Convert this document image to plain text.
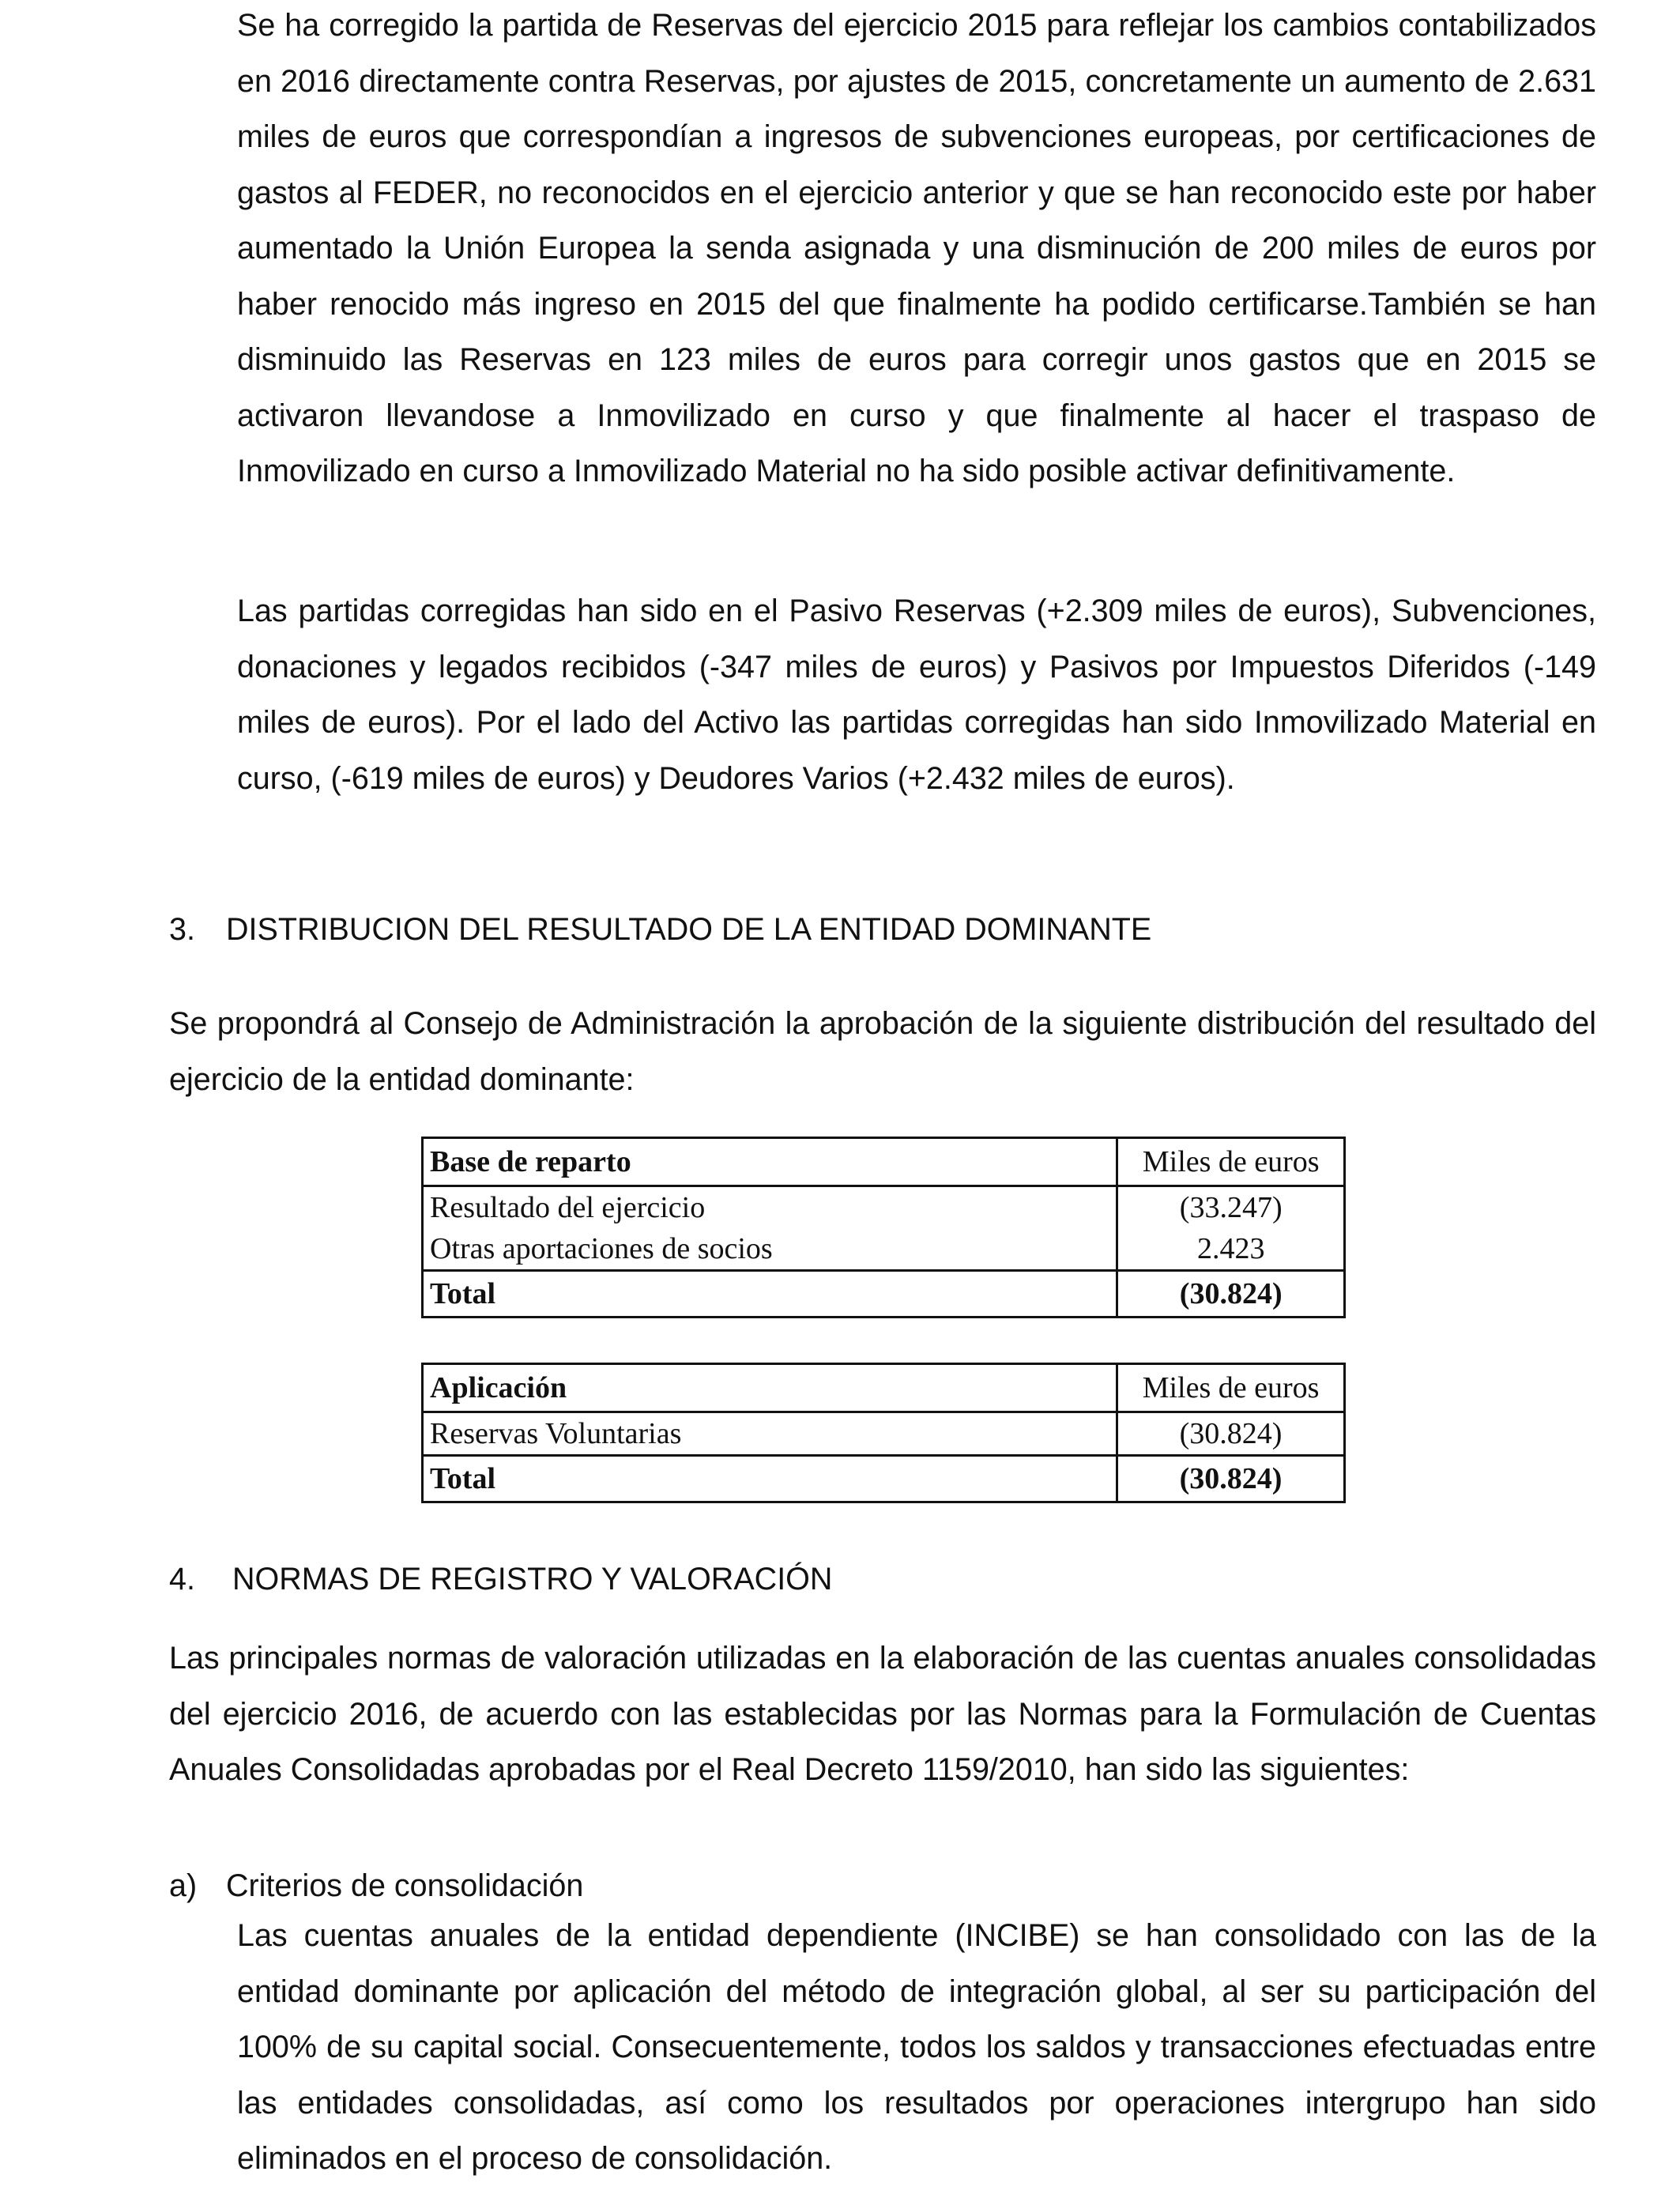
Se ha corregido la partida de Reservas del ejercicio 2015 para reflejar los cambios contabilizados en 2016 directamente contra Reservas, por ajustes de 2015, concretamente un aumento de 2.631 miles de euros que correspondían a ingresos de subvenciones europeas, por certificaciones de gastos al FEDER, no reconocidos en el ejercicio anterior y que se han reconocido este por haber aumentado la Unión Europea la senda asignada y una disminución de 200 miles de euros por haber renocido más ingreso en 2015 del que finalmente ha podido certificarse.También se han disminuido las Reservas en 123 miles de euros para corregir unos gastos que en 2015 se activaron llevandose a Inmovilizado en curso y que finalmente al hacer el traspaso de Inmovilizado en curso a Inmovilizado Material no ha sido posible activar definitivamente.

Las partidas corregidas han sido en el Pasivo Reservas (+2.309 miles de euros), Subvenciones, donaciones y legados recibidos (-347 miles de euros) y Pasivos por Impuestos Diferidos (-149 miles de euros). Por el lado del Activo las partidas corregidas han sido Inmovilizado Material en curso, (-619 miles de euros) y Deudores Varios (+2.432 miles de euros).

3. DISTRIBUCION DEL RESULTADO DE LA ENTIDAD DOMINANTE

Se propondrá al Consejo de Administración la aprobación de la siguiente distribución del resultado del ejercicio de la entidad dominante:

Base de reparto	Miles de euros
Resultado del ejercicio	(33.247)
Otras aportaciones de socios	2.423
Total	(30.824)
Aplicación	Miles de euros
Reservas Voluntarias	(30.824)
Total	(30.824)
4. NORMAS DE REGISTRO Y VALORACIÓN

Las principales normas de valoración utilizadas en la elaboración de las cuentas anuales consolidadas del ejercicio 2016, de acuerdo con las establecidas por las Normas para la Formulación de Cuentas Anuales Consolidadas aprobadas por el Real Decreto 1159/2010, han sido las siguientes:

a) Criterios de consolidación

Las cuentas anuales de la entidad dependiente (INCIBE) se han consolidado con las de la entidad dominante por aplicación del método de integración global, al ser su participación del 100% de su capital social. Consecuentemente, todos los saldos y transacciones efectuadas entre las entidades consolidadas, así como los resultados por operaciones intergrupo han sido eliminados en el proceso de consolidación.
